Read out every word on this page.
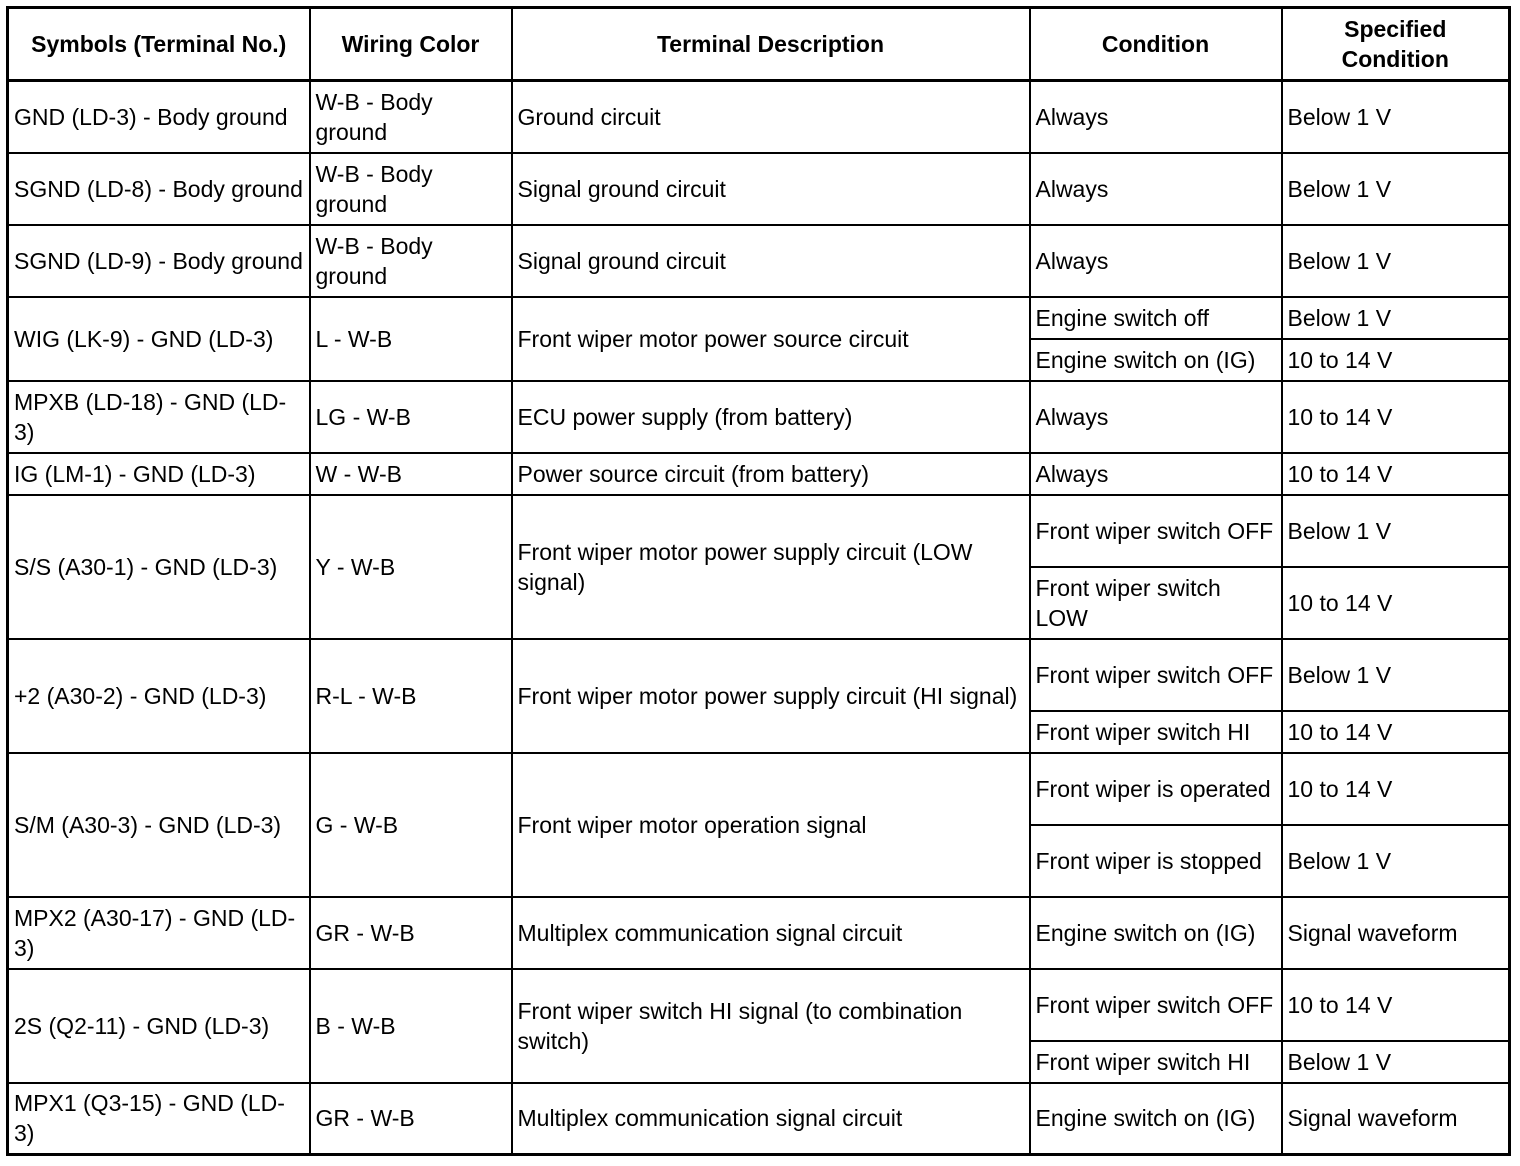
Symbols (Terminal No.)	Wiring Color	Terminal Description	Condition	Specified Condition
GND (LD-3) - Body ground	W-B - Body ground	Ground circuit	Always	Below 1 V
SGND (LD-8) - Body ground	W-B - Body ground	Signal ground circuit	Always	Below 1 V
SGND (LD-9) - Body ground	W-B - Body ground	Signal ground circuit	Always	Below 1 V
WIG (LK-9) - GND (LD-3)	L - W-B	Front wiper motor power source circuit	Engine switch off	Below 1 V
			Engine switch on (IG)	10 to 14 V
MPXB (LD-18) - GND (LD-3)	LG - W-B	ECU power supply (from battery)	Always	10 to 14 V
IG (LM-1) - GND (LD-3)	W - W-B	Power source circuit (from battery)	Always	10 to 14 V
S/S (A30-1) - GND (LD-3)	Y - W-B	Front wiper motor power supply circuit (LOW signal)	Front wiper switch OFF	Below 1 V
			Front wiper switch LOW	10 to 14 V
+2 (A30-2) - GND (LD-3)	R-L - W-B	Front wiper motor power supply circuit (HI signal)	Front wiper switch OFF	Below 1 V
			Front wiper switch HI	10 to 14 V
S/M (A30-3) - GND (LD-3)	G - W-B	Front wiper motor operation signal	Front wiper is operated	10 to 14 V
			Front wiper is stopped	Below 1 V
MPX2 (A30-17) - GND (LD-3)	GR - W-B	Multiplex communication signal circuit	Engine switch on (IG)	Signal waveform
2S (Q2-11) - GND (LD-3)	B - W-B	Front wiper switch HI signal (to combination switch)	Front wiper switch OFF	10 to 14 V
			Front wiper switch HI	Below 1 V
MPX1 (Q3-15) - GND (LD-3)	GR - W-B	Multiplex communication signal circuit	Engine switch on (IG)	Signal waveform
